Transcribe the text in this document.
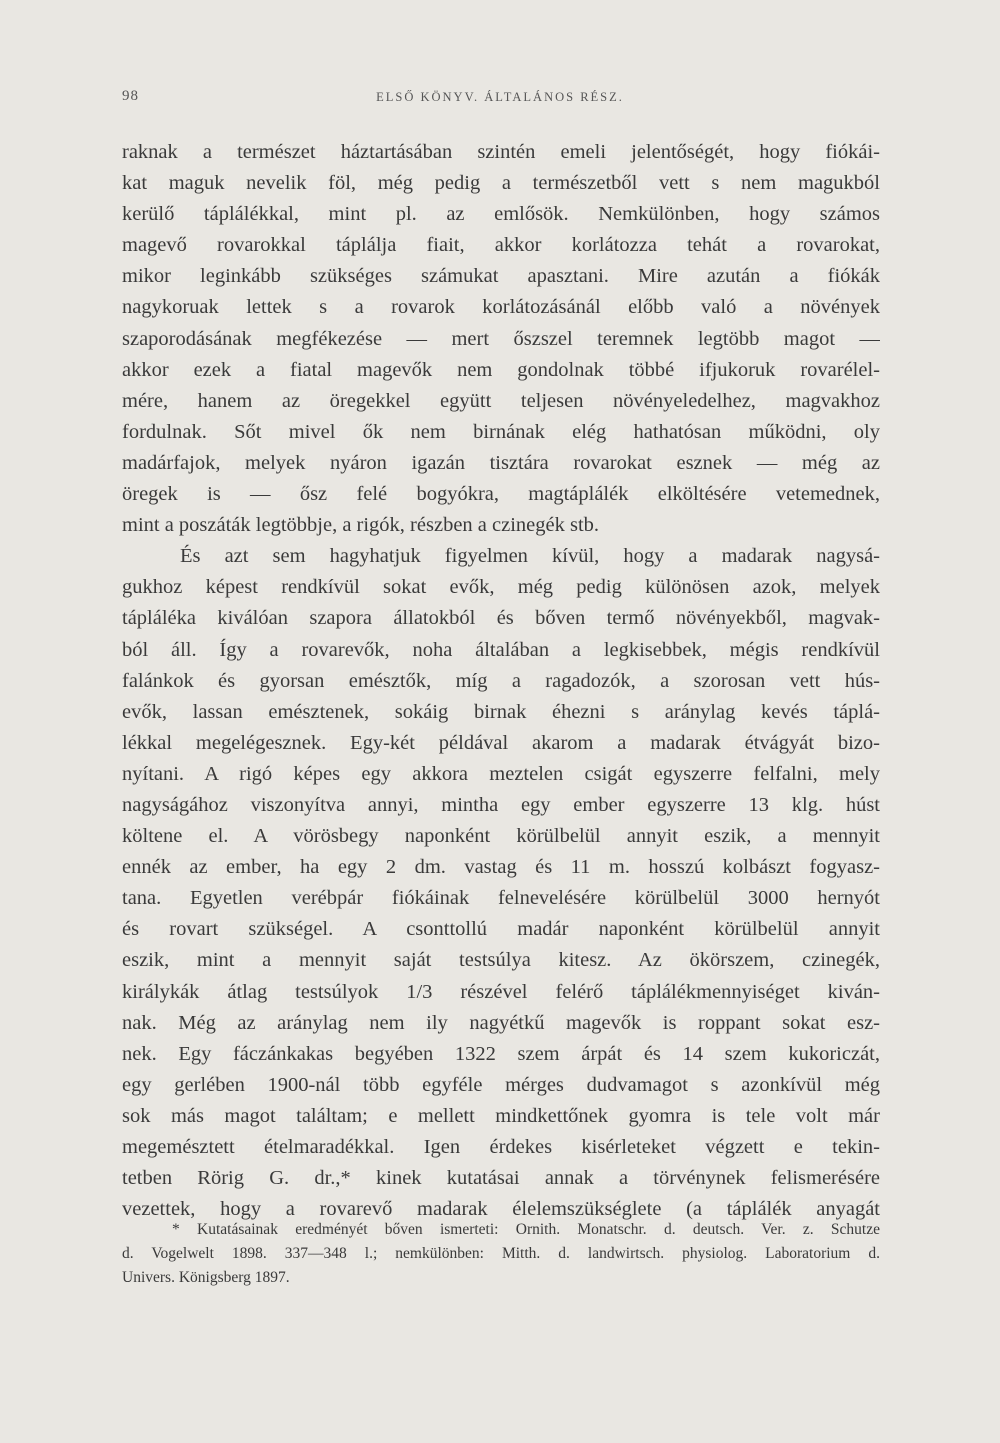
98	ELSŐ KÖNYV. ÁLTALÁNOS RÉSZ.
raknak a természet háztartásában szintén emeli jelentőségét, hogy fiókái-
kat maguk nevelik föl, még pedig a természetből vett s nem magukból
kerülő táplálékkal, mint pl. az emlősök. Nemkülönben, hogy számos
magevő rovarokkal táplálja fiait, akkor korlátozza tehát a rovarokat,
mikor leginkább szükséges számukat apasztani. Mire azután a fiókák
nagykoruak lettek s a rovarok korlátozásánál előbb való a növények
szaporodásának megfékezése — mert őszszel teremnek legtöbb magot —
akkor ezek a fiatal magevők nem gondolnak többé ifjukoruk rovarélel-
mére, hanem az öregekkel együtt teljesen növényeledelhez, magvakhoz
fordulnak. Sőt mivel ők nem birnának elég hathatósan működni, oly
madárfajok, melyek nyáron igazán tisztára rovarokat esznek — még az
öregek is — ősz felé bogyókra, magtáplálék elköltésére vetemednek,
mint a poszáták legtöbbje, a rigók, részben a czinegék stb.
És azt sem hagyhatjuk figyelmen kívül, hogy a madarak nagysá-
gukhoz képest rendkívül sokat evők, még pedig különösen azok, melyek
tápláléka kiválóan szapora állatokból és bőven termő növényekből, magvak-
ból áll. Így a rovarevők, noha általában a legkisebbek, mégis rendkívül
falánkok és gyorsan emésztők, míg a ragadozók, a szorosan vett hús-
evők, lassan emésztenek, sokáig birnak éhezni s aránylag kevés táplá-
lékkal megelégesznek. Egy-két példával akarom a madarak étvágyát bizo-
nyítani. A rigó képes egy akkora meztelen csigát egyszerre felfalni, mely
nagyságához viszonyítva annyi, mintha egy ember egyszerre 13 klg. húst
költene el. A vörösbegy naponként körülbelül annyit eszik, a mennyit
ennék az ember, ha egy 2 dm. vastag és 11 m. hosszú kolbászt fogyasz-
tana. Egyetlen verébpár fiókáinak felnevelésére körülbelül 3000 hernyót
és rovart szükségel. A csonttollú madár naponként körülbelül annyit
eszik, mint a mennyit saját testsúlya kitesz. Az ökörszem, czinegék,
királykák átlag testsúlyok 1/3 részével felérő táplálékmennyiséget kiván-
nak. Még az aránylag nem ily nagyétkű magevők is roppant sokat esz-
nek. Egy fáczánkakas begyében 1322 szem árpát és 14 szem kukoriczát,
egy gerlében 1900-nál több egyféle mérges dudvamagot s azonkívül még
sok más magot találtam; e mellett mindkettőnek gyomra is tele volt már
megemésztett ételmaradékkal. Igen érdekes kisérleteket végzett e tekin-
tetben Rörig G. dr.,* kinek kutatásai annak a törvénynek felismerésére
vezettek, hogy a rovarevő madarak élelemszükséglete (a táplálék anyagát
* Kutatásainak eredményét bőven ismerteti: Ornith. Monatschr. d. deutsch. Ver. z. Schutze
d. Vogelwelt 1898. 337—348 l.; nemkülönben: Mitth. d. landwirtsch. physiolog. Laboratorium d.
Univers. Königsberg 1897.
